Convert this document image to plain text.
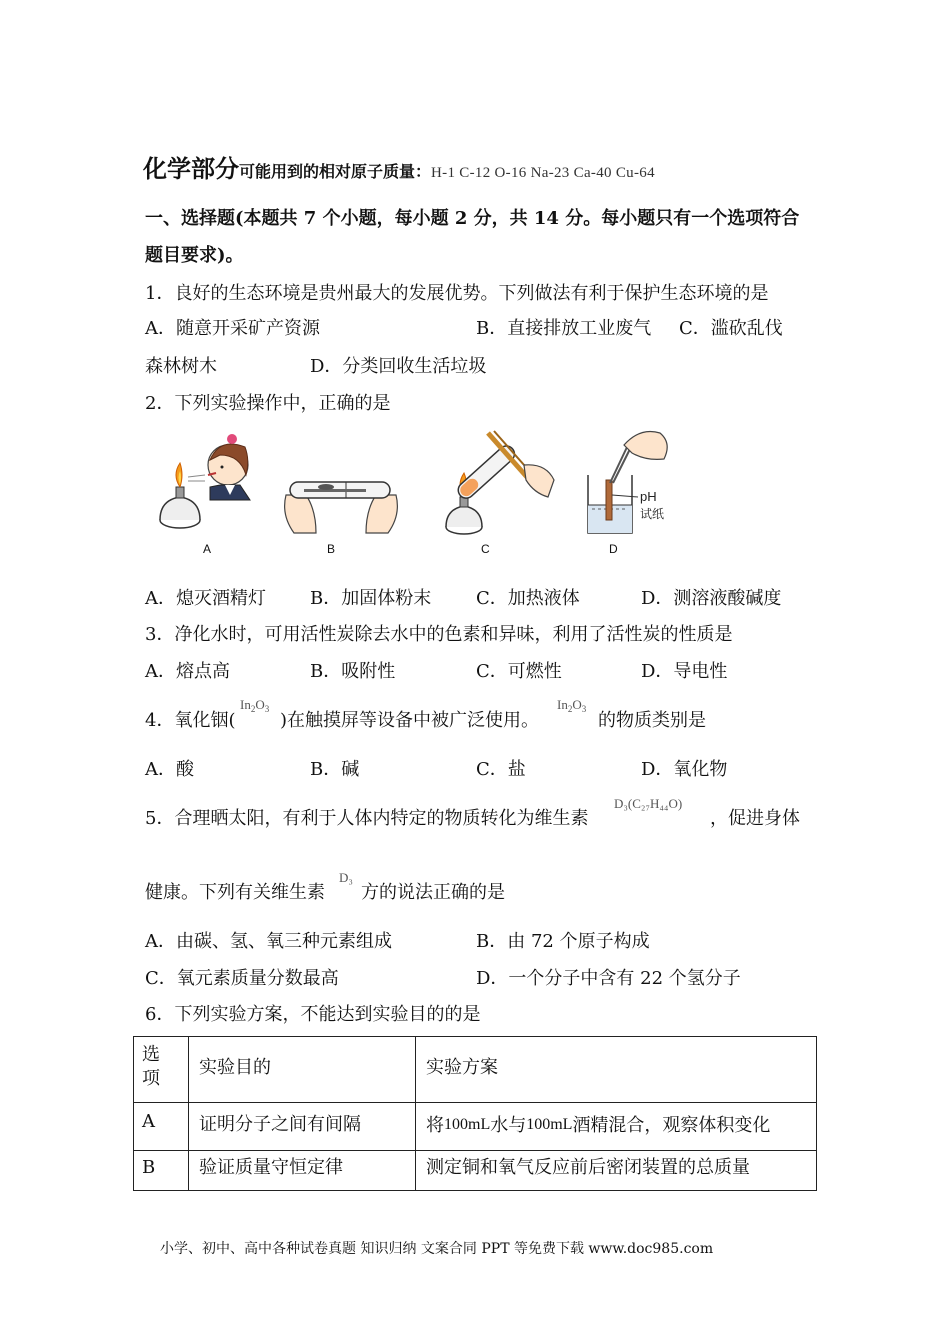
化学部分可能用到的相对原子质量：H-1 C-12 O-16 Na-23 Ca-40 Cu-64
一、选择题(本题共 7 个小题，每小题 2 分，共 14 分。每小题只有一个选项符合
题目要求)。
1．良好的生态环境是贵州最大的发展优势。下列做法有利于保护生态环境的是
A．随意开采矿产资源	B．直接排放工业废气 C．滥砍乱伐
森林树木	D．分类回收生活垃圾
2．下列实验操作中，正确的是
A	B	C
pH
试纸
D
A．熄灭酒精灯 B．加固体粉末 C．加热液体	D．测溶液酸碱度
3．净化水时，可用活性炭除去水中的色素和异味，利用了活性炭的性质是
A．熔点高	B．吸附性	C．可燃性	D．导电性
4．氧化铟(
$In_2O_3$
)在触摸屏等设备中被广泛使用。
$In_2O_3$
的物质类别是
A．酸	B．碱	C．盐	D．氧化物
5．合理晒太阳，有利于人体内特定的物质转化为维生素
D₃(C₂₇H₄₄O)
，促进身体
健康。下列有关维生素
D₃
方的说法正确的是
A．由碳、氢、氧三种元素组成	B．由 72 个原子构成
C．氧元素质量分数最高	D．一个分子中含有 22 个氢分子
6．下列实验方案，不能达到实验目的的是
选
项	实验目的	实验方案

A	证明分子之间有间隔	将100mL水与100mL酒精混合，观察体积变化

B	验证质量守恒定律	测定铜和氧气反应前后密闭装置的总质量
小学、初中、高中各种试卷真题 知识归纳 文案合同 PPT 等免费下载 www.doc985.com
